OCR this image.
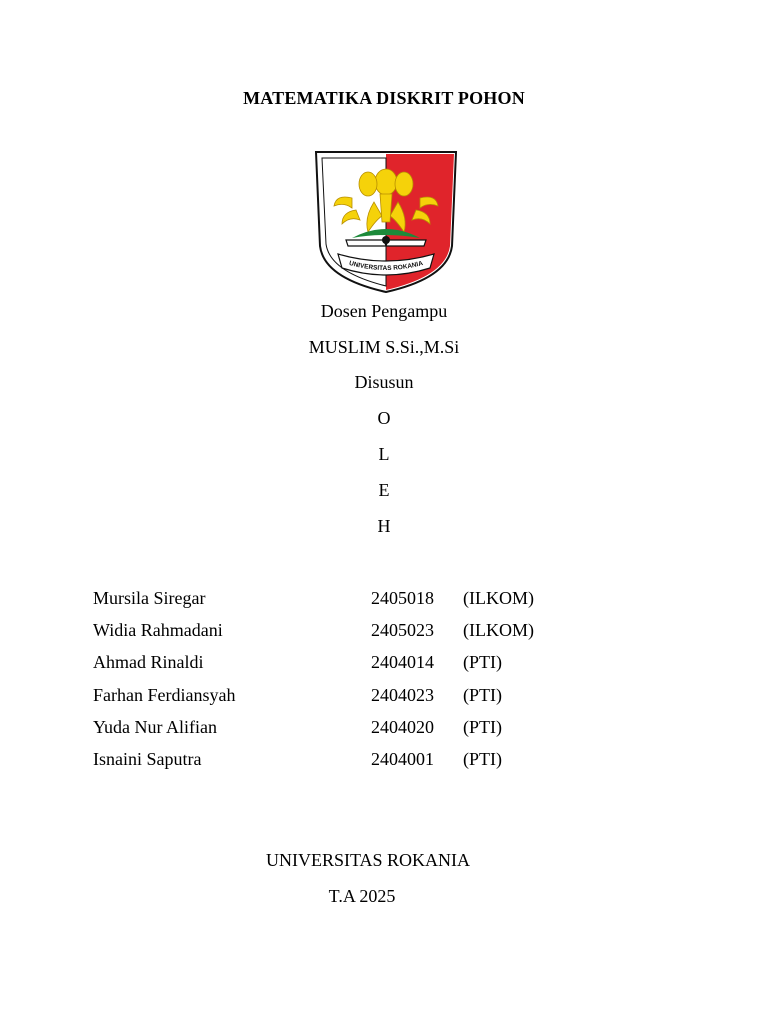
MATEMATIKA DISKRIT POHON
UNIVERSITAS ROKANIA
Dosen Pengampu
MUSLIM S.Si.,M.Si
Disusun
O
L
E
H
Mursila Siregar	2405018 (ILKOM)
Widia Rahmadani	2405023 (ILKOM)
Ahmad Rinaldi	2404014 (PTI)
Farhan Ferdiansyah	2404023 (PTI)
Yuda Nur Alifian	2404020 (PTI)
Isnaini Saputra	2404001 (PTI)
UNIVERSITAS ROKANIA
T.A 2025
